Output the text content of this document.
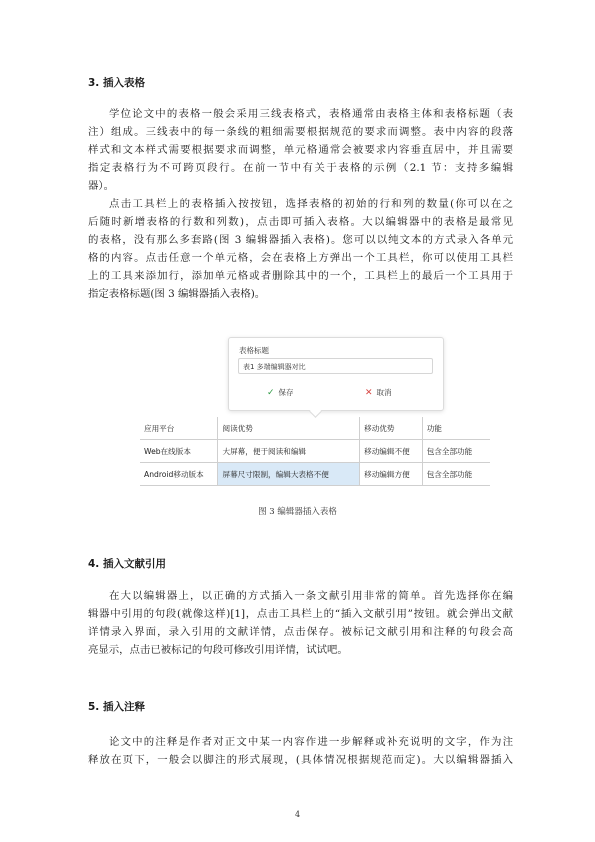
3. 插入表格
学位论文中的表格一般会采用三线表格式，表格通常由表格主体和表格标题（表
注）组成。三线表中的每一条线的粗细需要根据规范的要求而调整。表中内容的段落
样式和文本样式需要根据要求而调整，单元格通常会被要求内容垂直居中，并且需要
指定表格行为不可跨页段行。在前一节中有关于表格的示例（2.1 节：支持多编辑
器）。
点击工具栏上的表格插入按按钮，选择表格的初始的行和列的数量(你可以在之
后随时新增表格的行数和列数)，点击即可插入表格。大以编辑器中的表格是最常见
的表格，没有那么多套路(图 3 编辑器插入表格)。您可以以纯文本的方式录入各单元
格的内容。点击任意一个单元格，会在表格上方弹出一个工具栏，你可以使用工具栏
上的工具来添加行，添加单元格或者删除其中的一个，工具栏上的最后一个工具用于
指定表格标题(图 3 编辑器插入表格)。
表格标题
表1 多端编辑器对比
✓ 保存	✕ 取消
应用平台	阅读优势	移动优势	功能
Web在线版本	大屏幕，便于阅读和编辑	移动编辑不便	包含全部功能
Android移动版本	屏幕尺寸限制，编辑大表格不便	移动编辑方便	包含全部功能
图 3 编辑器插入表格
4. 插入文献引用
在大以编辑器上，以正确的方式插入一条文献引用非常的简单。首先选择你在编
辑器中引用的句段(就像这样)[1]，点击工具栏上的“插入文献引用”按钮。就会弹出文献
详情录入界面，录入引用的文献详情，点击保存。被标记文献引用和注释的句段会高
亮显示，点击已被标记的句段可修改引用详情，试试吧。
5. 插入注释
论文中的注释是作者对正文中某一内容作进一步解释或补充说明的文字，作为注
释放在页下，一般会以脚注的形式展现，(具体情况根据规范而定)。大以编辑器插入
4
